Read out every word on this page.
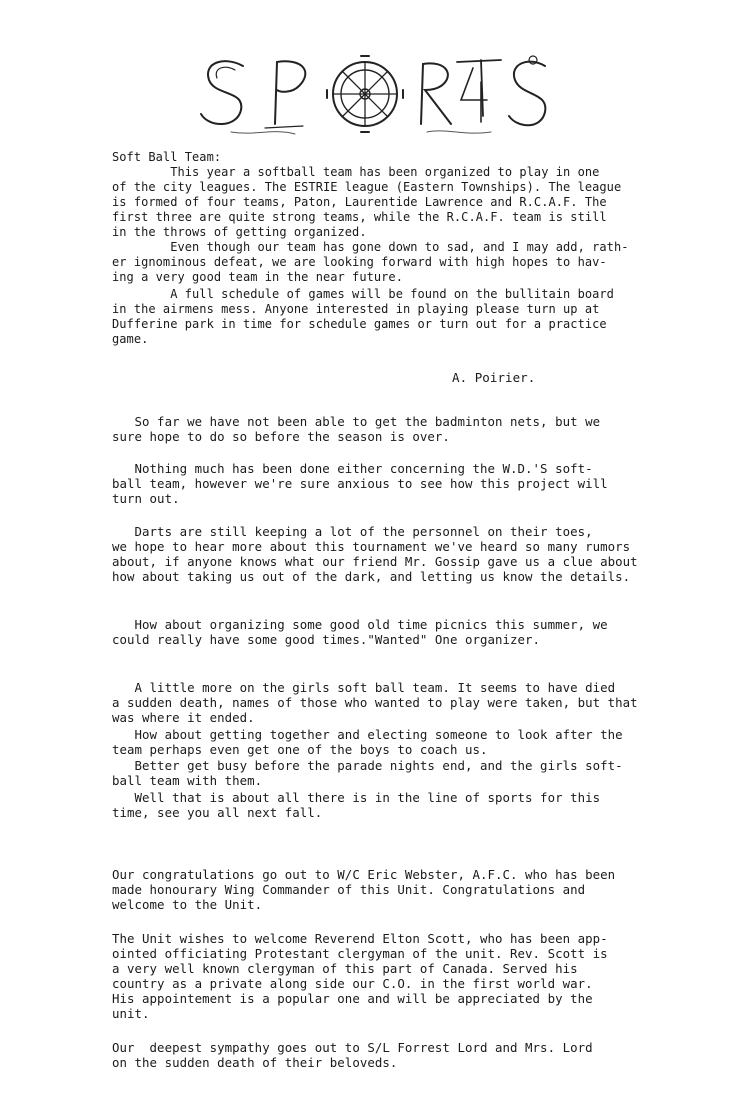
Soft Ball Team:
This year a softball team has been organized to play in one
of the city leagues. The ESTRIE league (Eastern Townships). The league
is formed of four teams, Paton, Laurentide Lawrence and R.C.A.F. The
first three are quite strong teams, while the R.C.A.F. team is still
in the throws of getting organized.
Even though our team has gone down to sad, and I may add, rath-
er ignominous defeat, we are looking forward with high hopes to hav-
ing a very good team in the near future.
A full schedule of games will be found on the bullitain board
in the airmens mess. Anyone interested in playing please turn up at
Dufferine park in time for schedule games or turn out for a practice
game.
A. Poirier.
So far we have not been able to get the badminton nets, but we
sure hope to do so before the season is over.
Nothing much has been done either concerning the W.D.'S soft-
ball team, however we're sure anxious to see how this project will
turn out.
Darts are still keeping a lot of the personnel on their toes,
we hope to hear more about this tournament we've heard so many rumors
about, if anyone knows what our friend Mr. Gossip gave us a clue about
how about taking us out of the dark, and letting us know the details.
How about organizing some good old time picnics this summer, we
could really have some good times."Wanted" One organizer.
A little more on the girls soft ball team. It seems to have died
a sudden death, names of those who wanted to play were taken, but that
was where it ended.
How about getting together and electing someone to look after the
team perhaps even get one of the boys to coach us.
Better get busy before the parade nights end, and the girls soft-
ball team with them.
Well that is about all there is in the line of sports for this
time, see you all next fall.
Our congratulations go out to W/C Eric Webster, A.F.C. who has been
made honourary Wing Commander of this Unit. Congratulations and
welcome to the Unit.
The Unit wishes to welcome Reverend Elton Scott, who has been app-
ointed officiating Protestant clergyman of the unit. Rev. Scott is
a very well known clergyman of this part of Canada. Served his
country as a private along side our C.O. in the first world war.
His appointement is a popular one and will be appreciated by the
unit.
Our  deepest sympathy goes out to S/L Forrest Lord and Mrs. Lord
on the sudden death of their beloveds.
